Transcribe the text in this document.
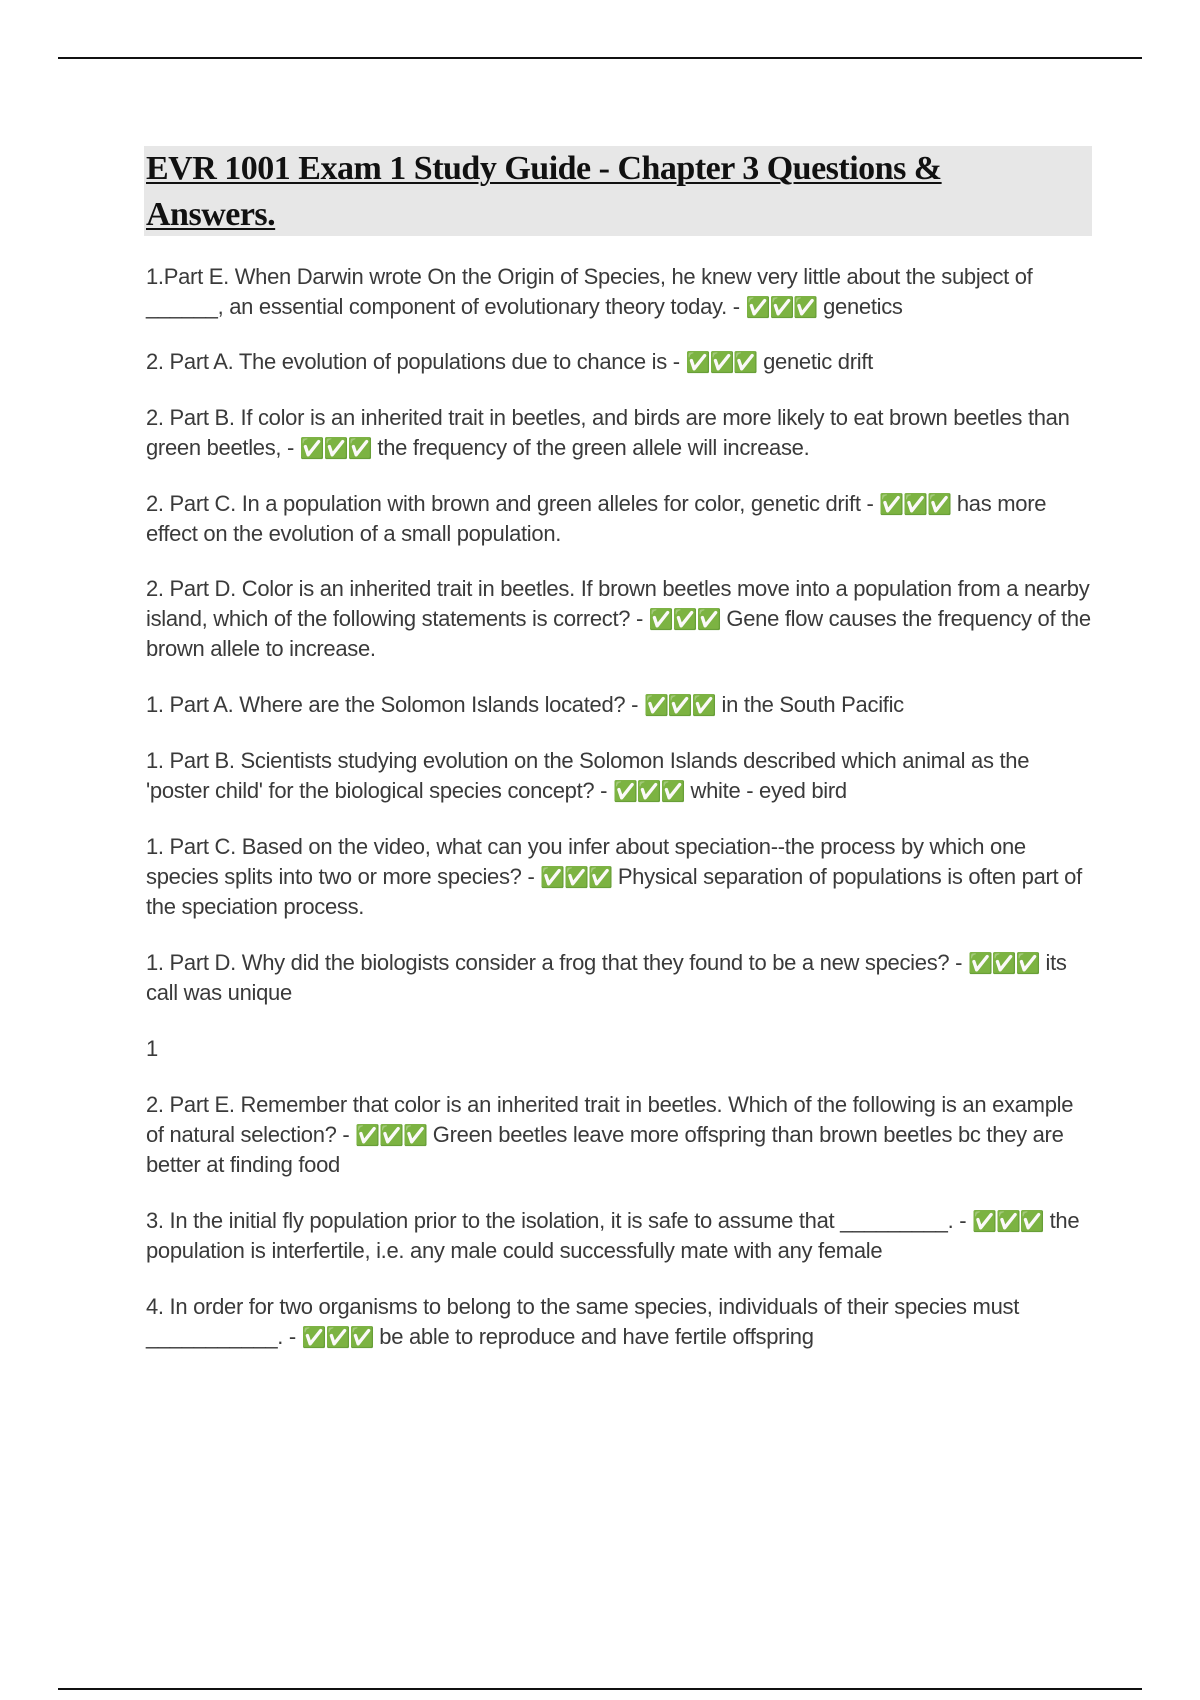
EVR 1001 Exam 1 Study Guide - Chapter 3 Questions & Answers.
1.Part E. When Darwin wrote On the Origin of Species, he knew very little about the subject of ______, an essential component of evolutionary theory today. - ✅✅✅ genetics
2. Part A. The evolution of populations due to chance is - ✅✅✅ genetic drift
2. Part B. If color is an inherited trait in beetles, and birds are more likely to eat brown beetles than green beetles, - ✅✅✅ the frequency of the green allele will increase.
2. Part C. In a population with brown and green alleles for color, genetic drift - ✅✅✅ has more effect on the evolution of a small population.
2. Part D. Color is an inherited trait in beetles. If brown beetles move into a population from a nearby island, which of the following statements is correct? - ✅✅✅ Gene flow causes the frequency of the brown allele to increase.
1. Part A. Where are the Solomon Islands located? - ✅✅✅ in the South Pacific
1. Part B. Scientists studying evolution on the Solomon Islands described which animal as the 'poster child' for the biological species concept? - ✅✅✅ white - eyed bird
1. Part C. Based on the video, what can you infer about speciation--the process by which one species splits into two or more species? - ✅✅✅ Physical separation of populations is often part of the speciation process.
1. Part D. Why did the biologists consider a frog that they found to be a new species? - ✅✅✅ its call was unique
1
2. Part E. Remember that color is an inherited trait in beetles. Which of the following is an example of natural selection? - ✅✅✅ Green beetles leave more offspring than brown beetles bc they are better at finding food
3. In the initial fly population prior to the isolation, it is safe to assume that _________. - ✅✅✅ the population is interfertile, i.e. any male could successfully mate with any female
4. In order for two organisms to belong to the same species, individuals of their species must ___________. - ✅✅✅ be able to reproduce and have fertile offspring
